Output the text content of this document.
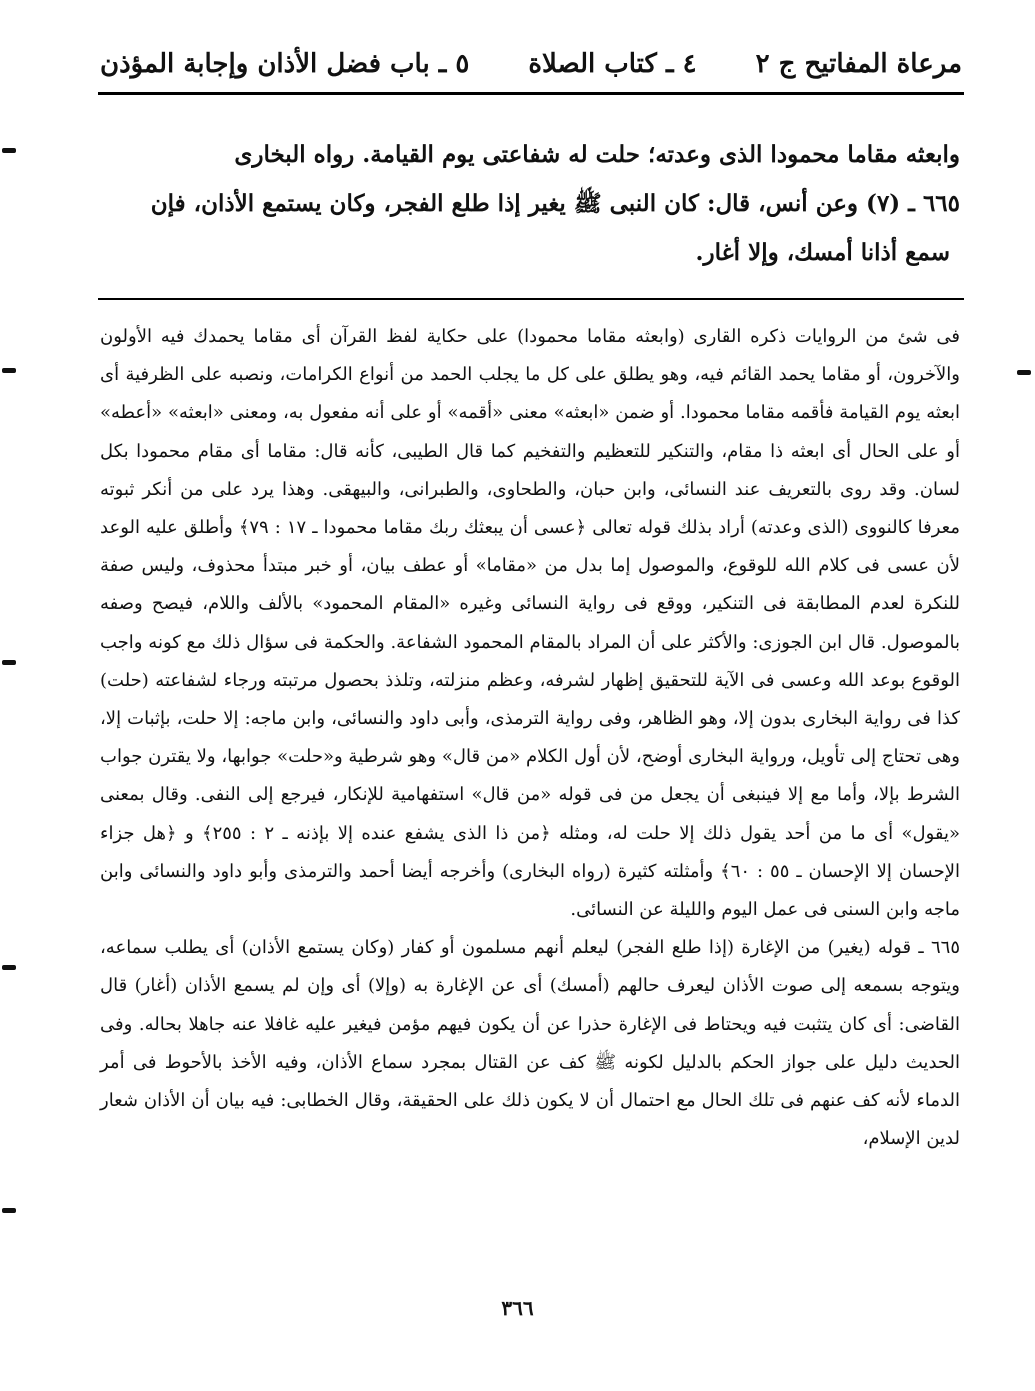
مرعاة المفاتيح ج ٢
٤ ـ كتاب الصلاة
٥ ـ باب فضل الأذان وإجابة المؤذن

وابعثه مقاما محمودا الذى وعدته؛ حلت له شفاعتى يوم القيامة. رواه البخارى

٦٦٥ ـ (٧) وعن أنس، قال: كان النبى ﷺ يغير إذا طلع الفجر، وكان يستمع الأذان، فإن

سمع أذانا أمسك، وإلا أغار.

فى شئ من الروايات ذكره القارى (وابعثه مقاما محمودا) على حكاية لفظ القرآن أى مقاما يحمدك فيه الأولون والآخرون، أو مقاما يحمد القائم فيه، وهو يطلق على كل ما يجلب الحمد من أنواع الكرامات، ونصبه على الظرفية أى ابعثه يوم القيامة فأقمه مقاما محمودا. أو ضمن «ابعثه» معنى «أقمه» أو على أنه مفعول به، ومعنى «ابعثه» «أعطه» أو على الحال أى ابعثه ذا مقام، والتنكير للتعظيم والتفخيم كما قال الطيبى، كأنه قال: مقاما أى مقام محمودا بكل لسان. وقد روى بالتعريف عند النسائى، وابن حبان، والطحاوى، والطبرانى، والبيهقى. وهذا يرد على من أنكر ثبوته معرفا كالنووى (الذى وعدته) أراد بذلك قوله تعالى ﴿عسى أن يبعثك ربك مقاما محمودا ـ ١٧ : ٧٩﴾ وأطلق عليه الوعد لأن عسى فى كلام الله للوقوع، والموصول إما بدل من «مقاما» أو عطف بيان، أو خبر مبتدأ محذوف، وليس صفة للنكرة لعدم المطابقة فى التنكير، ووقع فى رواية النسائى وغيره «المقام المحمود» بالألف واللام، فيصح وصفه بالموصول. قال ابن الجوزى: والأكثر على أن المراد بالمقام المحمود الشفاعة. والحكمة فى سؤال ذلك مع كونه واجب الوقوع بوعد الله وعسى فى الآية للتحقيق إظهار لشرفه، وعظم منزلته، وتلذذ بحصول مرتبته ورجاء لشفاعته (حلت) كذا فى رواية البخارى بدون إلا، وهو الظاهر، وفى رواية الترمذى، وأبى داود والنسائى، وابن ماجه: إلا حلت، بإثبات إلا، وهى تحتاج إلى تأويل، ورواية البخارى أوضح، لأن أول الكلام «من قال» وهو شرطية و«حلت» جوابها، ولا يقترن جواب الشرط بإلا، وأما مع إلا فينبغى أن يجعل من فى قوله «من قال» استفهامية للإنكار، فيرجع إلى النفى. وقال بمعنى «يقول» أى ما من أحد يقول ذلك إلا حلت له، ومثله ﴿من ذا الذى يشفع عنده إلا بإذنه ـ ٢ : ٢٥٥﴾ و ﴿هل جزاء الإحسان إلا الإحسان ـ ٥٥ : ٦٠﴾ وأمثلته كثيرة (رواه البخارى) وأخرجه أيضا أحمد والترمذى وأبو داود والنسائى وابن ماجه وابن السنى فى عمل اليوم والليلة عن النسائى.

٦٦٥ ـ قوله (يغير) من الإغارة (إذا طلع الفجر) ليعلم أنهم مسلمون أو كفار (وكان يستمع الأذان) أى يطلب سماعه، ويتوجه بسمعه إلى صوت الأذان ليعرف حالهم (أمسك) أى عن الإغارة به (وإلا) أى وإن لم يسمع الأذان (أغار) قال القاضى: أى كان يتثبت فيه ويحتاط فى الإغارة حذرا عن أن يكون فيهم مؤمن فيغير عليه غافلا عنه جاهلا بحاله. وفى الحديث دليل على جواز الحكم بالدليل لكونه ﷺ كف عن القتال بمجرد سماع الأذان، وفيه الأخذ بالأحوط فى أمر الدماء لأنه كف عنهم فى تلك الحال مع احتمال أن لا يكون ذلك على الحقيقة، وقال الخطابى: فيه بيان أن الأذان شعار لدين الإسلام،

٣٦٦
